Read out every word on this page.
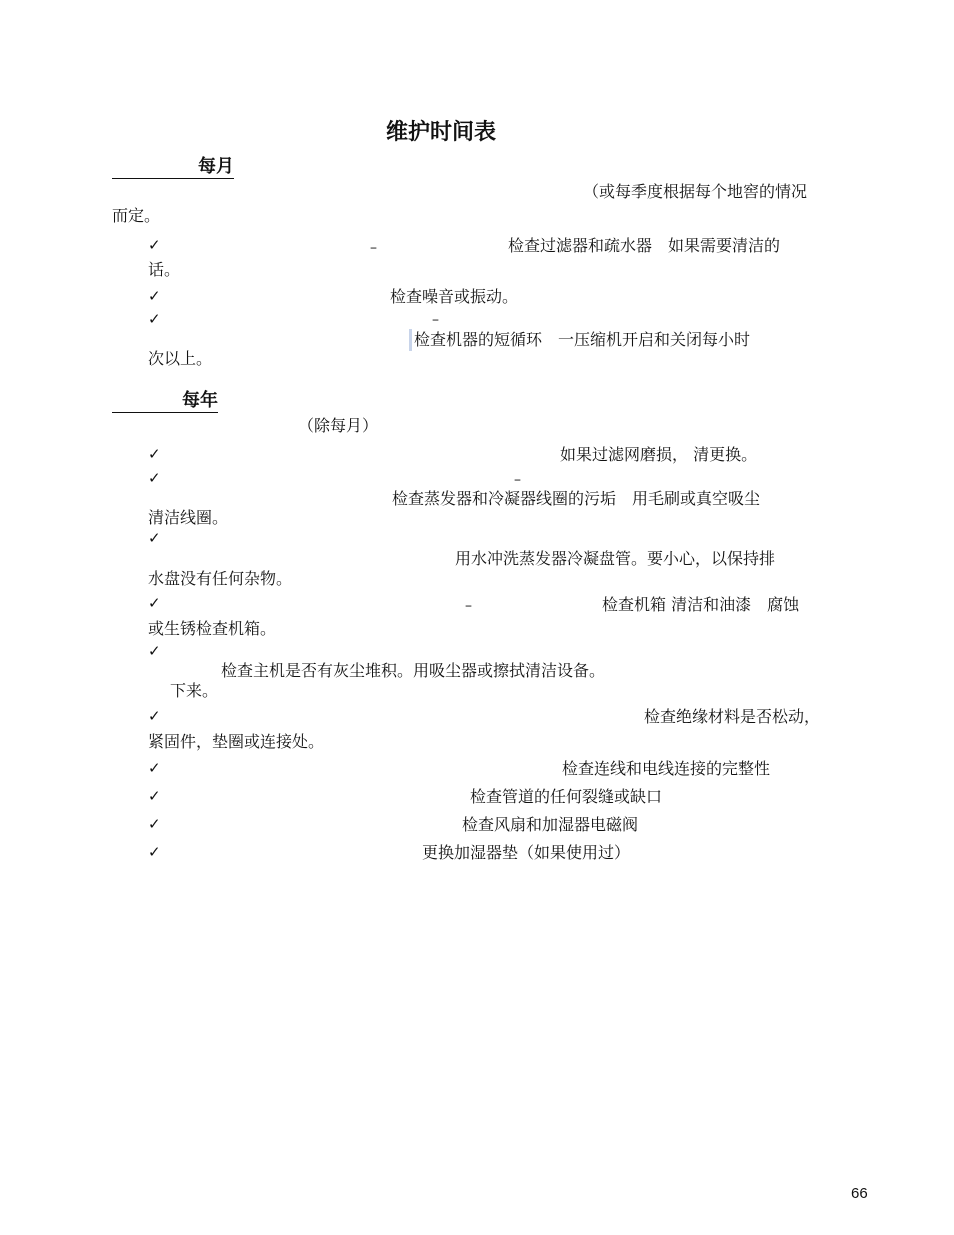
维护时间表
每月
（或每季度根据每个地窖的情况
而定。
✓	–	检查过滤器和疏水器　如果需要清洁的
话。
✓	检查噪音或振动。
✓	–
检查机器的短循环　一压缩机开启和关闭每小时
次以上。
每年
（除每月）
✓	如果过滤网磨损， 清更换。
✓	–
检查蒸发器和冷凝器线圈的污垢　用毛刷或真空吸尘
清洁线圈。
✓
用水冲洗蒸发器冷凝盘管。要小心，以保持排
水盘没有任何杂物。
✓	–	检查机箱 清洁和油漆　腐蚀
或生锈检查机箱。
✓
检查主机是否有灰尘堆积。用吸尘器或擦拭清洁设备。
下来。
✓	检查绝缘材料是否松动，
紧固件，垫圈或连接处。
✓	检查连线和电线连接的完整性
✓	检查管道的任何裂缝或缺口
✓	检查风扇和加湿器电磁阀
✓	更换加湿器垫（如果使用过）
66
